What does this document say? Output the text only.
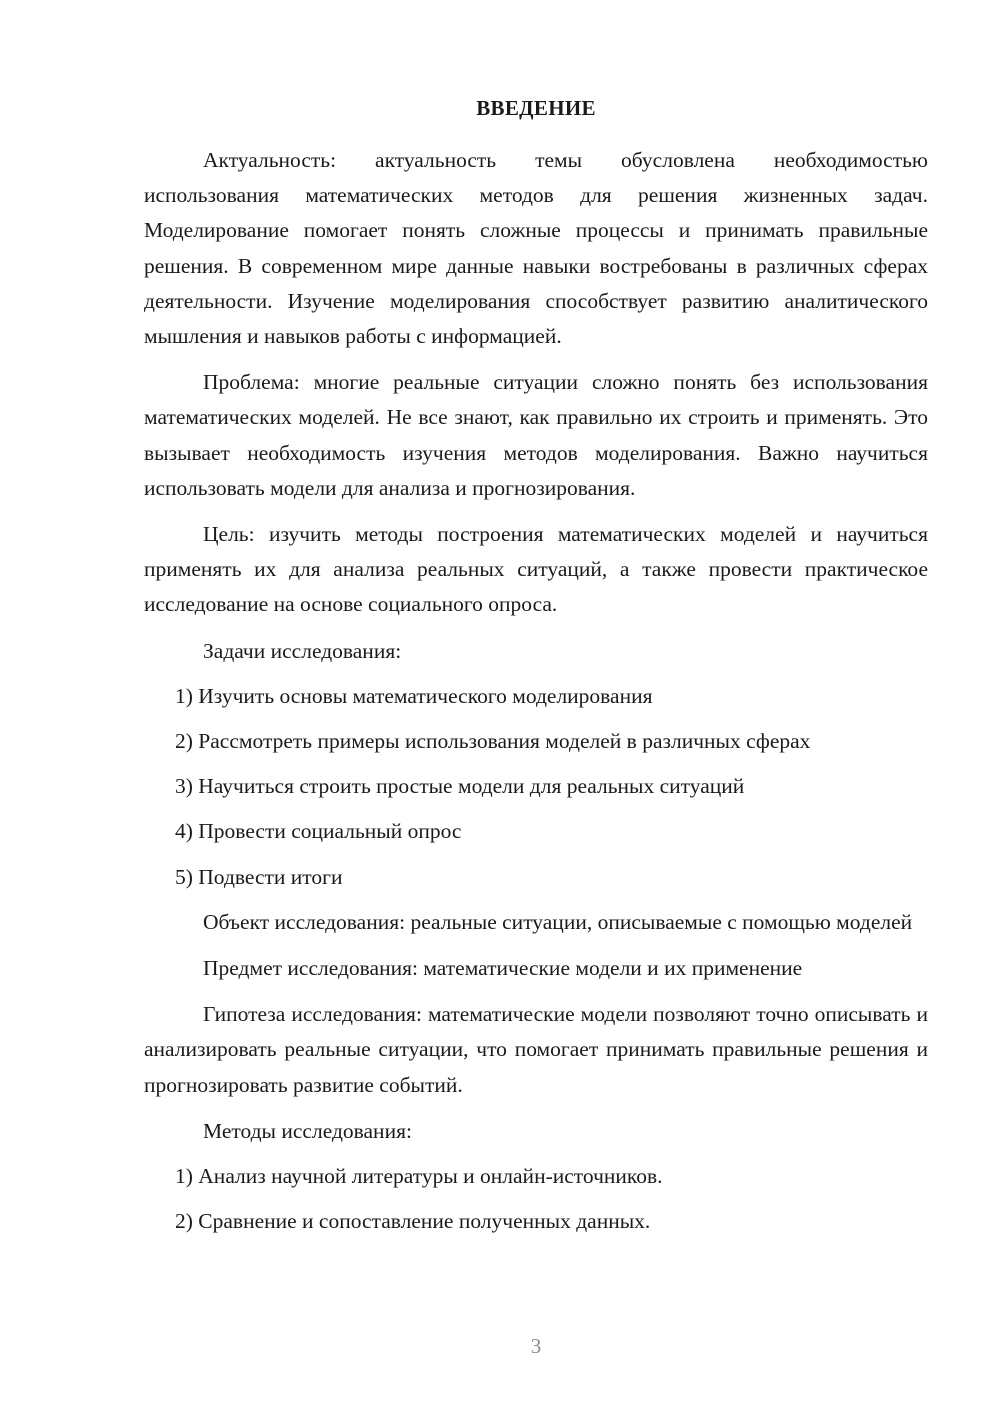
ВВЕДЕНИЕ

Актуальность: актуальность темы обусловлена необходимостью использования математических методов для решения жизненных задач. Моделирование помогает понять сложные процессы и принимать правильные решения. В современном мире данные навыки востребованы в различных сферах деятельности. Изучение моделирования способствует развитию аналитического мышления и навыков работы с информацией.

Проблема: многие реальные ситуации сложно понять без использования математических моделей. Не все знают, как правильно их строить и применять. Это вызывает необходимость изучения методов моделирования. Важно научиться использовать модели для анализа и прогнозирования.

Цель: изучить методы построения математических моделей и научиться применять их для анализа реальных ситуаций, а также провести практическое исследование на основе социального опроса.

Задачи исследования:

1) Изучить основы математического моделирования
2) Рассмотреть примеры использования моделей в различных сферах
3) Научиться строить простые модели для реальных ситуаций
4) Провести социальный опрос
5) Подвести итоги

Объект исследования: реальные ситуации, описываемые с помощью моделей

Предмет исследования: математические модели и их применение

Гипотеза исследования: математические модели позволяют точно описывать и анализировать реальные ситуации, что помогает принимать правильные решения и прогнозировать развитие событий.

Методы исследования:

1) Анализ научной литературы и онлайн-источников.
2) Сравнение и сопоставление полученных данных.
3
